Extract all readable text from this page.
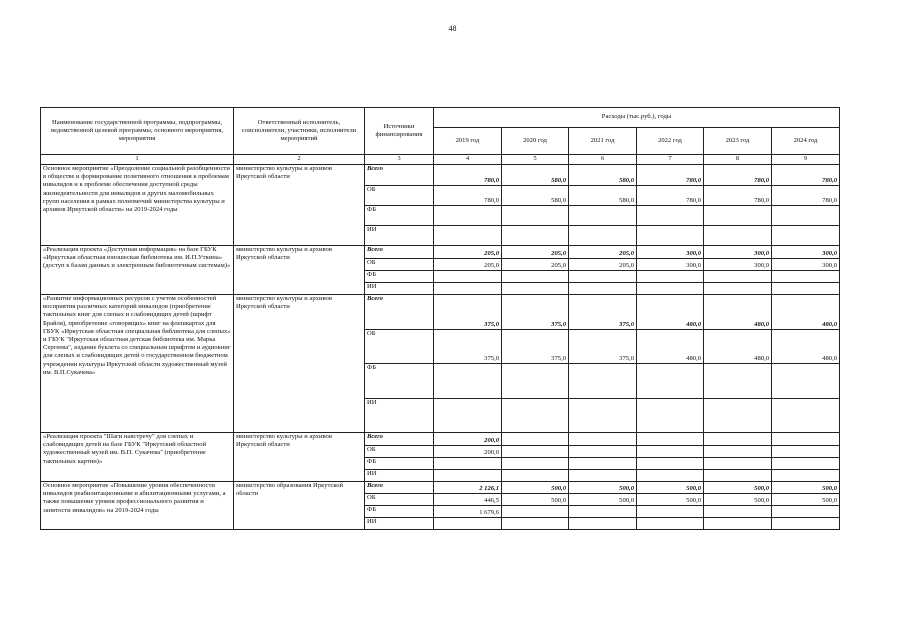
48
Наименование государственной программы, подпрограммы, ведомственной целевой программы, основного мероприятия, мероприятия	Ответственный исполнитель, соисполнители, участники, исполнители мероприятий	Источники финансирования	Расходы (тыс.руб.), годы					
			2019 год	2020 год	2021 год	2022 год	2023 год	2024 год
1	2	3	4	5	6	7	8	9
Основное мероприятие «Преодоление социальной разобщенности в обществе и формирование позитивного отношения к проблемам инвалидов и к проблеме обеспечения доступной среды жизнедеятельности для инвалидов и других маломобильных групп населения в рамках полномочий министерства культуры и архивов Иркутской области» на 2019-2024 годы	министерство культуры и архивов Иркутской области	Всего	780,0	580,0	580,0	780,0	780,0	780,0
		ОБ	780,0	580,0	580,0	780,0	780,0	780,0
		ФБ						
		ИИ						
«Реализация проекта «Доступная информация» на базе ГБУК «Иркутская областная юношеская библиотека им. И.П.Уткина» (доступ к базам данных и электронным библиотечным системам)»	министерство культуры и архивов Иркутской области	Всего	205,0	205,0	205,0	300,0	300,0	300,0
		ОБ	205,0	205,0	205,0	300,0	300,0	300,0
		ФБ						
		ИИ						
«Развитие информационных ресурсов с учетом особенностей восприятия различных категорий инвалидов (приобретение тактильных книг для слепых и слабовидящих детей (шрифт Брайля), приобретение «говорящих» книг на флешкартах для ГБУК «Иркутская областная специальная библиотека для слепых» и ГБУК "Иркутская областная детская библиотека им. Марка Сергеева", издание буклета со специальным шрифтом и аудиокниг для слепых и слабовидящих детей о государственном бюджетном учреждении культуры Иркутской области художественный музей им. В.П.Сукачева»	министерство культуры и архивов Иркутской области	Всего	375,0	375,0	375,0	480,0	480,0	480,0
		ОБ	375,0	375,0	375,0	480,0	480,0	480,0
		ФБ						
		ИИ						
«Реализация проекта "Шаги навстречу" для слепых и слабовидящих детей на базе ГБУК "Иркутский областной художественный музей им. В.П. Сукачева" (приобретение тактильных картин)»	министерство культуры и архивов Иркутской области	Всего	200,0					
		ОБ	200,0					
		ФБ						
		ИИ						
Основное мероприятие «Повышение уровня обеспеченности инвалидов реабилитационными и абилитационными услугами, а также повышение уровня профессионального развития и занятости инвалидов» на 2019-2024 годы	министерство образования Иркутской области	Всего	2 126,1	500,0	500,0	500,0	500,0	500,0
		ОБ	446,5	500,0	500,0	500,0	500,0	500,0
		ФБ	1 679,6					
		ИИ						
